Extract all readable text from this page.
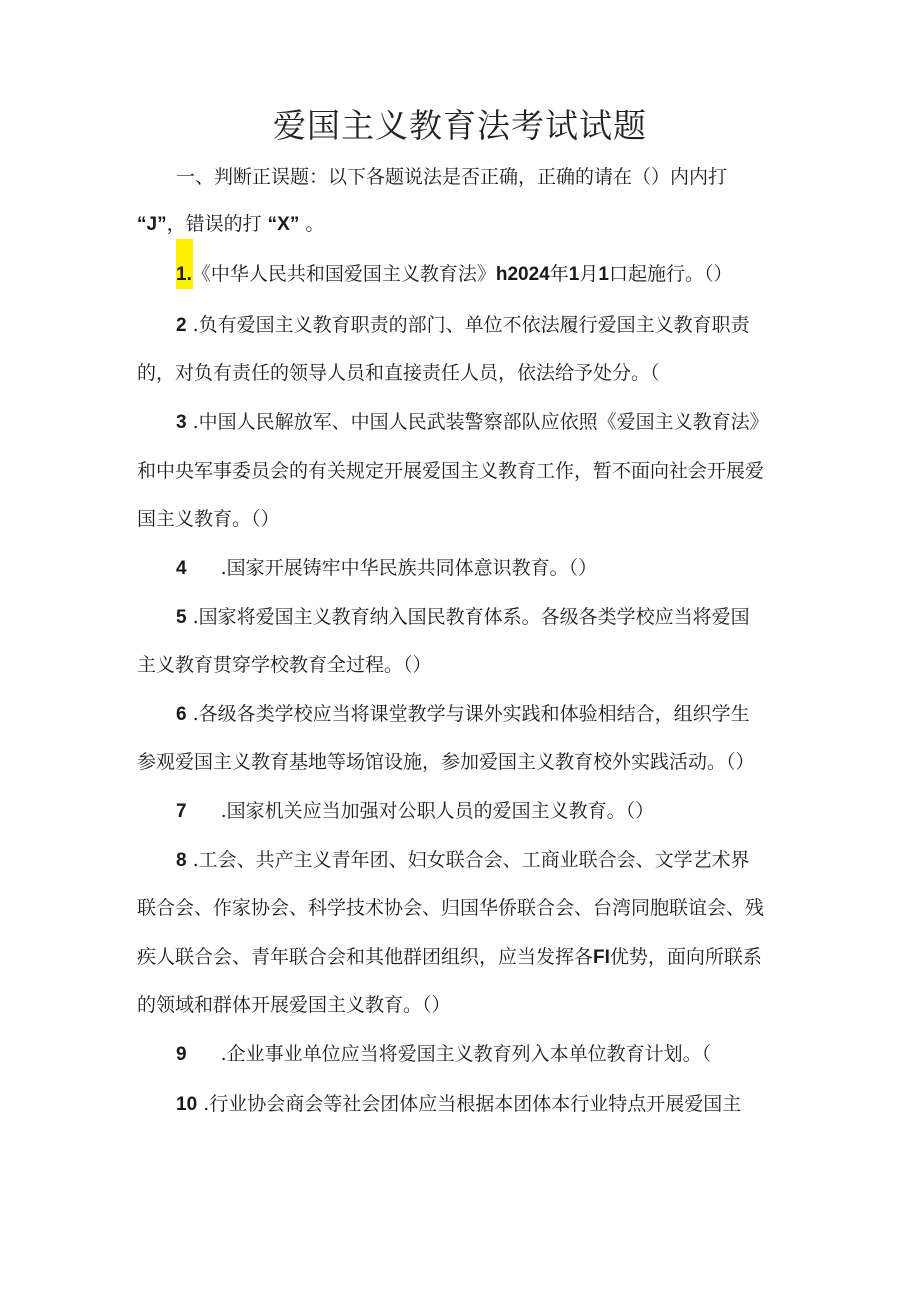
爱国主义教育法考试试题
一、判断正误题：以下各题说法是否正确，正确的请在（）内内打
“J”，错误的打 “X” 。
1.《中华人民共和国爱国主义教育法》h2024年1月1口起施行。（）
2 .负有爱国主义教育职责的部门、单位不依法履行爱国主义教育职责
的，对负有责任的领导人员和直接责任人员，依法给予处分。（
3 .中国人民解放军、中国人民武装警察部队应依照《爱国主义教育法》
和中央军事委员会的有关规定开展爱国主义教育工作，暂不面向社会开展爱
国主义教育。（）
4 .国家开展铸牢中华民族共同体意识教育。（）
5 .国家将爱国主义教育纳入国民教育体系。各级各类学校应当将爱国
主义教育贯穿学校教育全过程。（）
6 .各级各类学校应当将课堂教学与课外实践和体验相结合，组织学生
参观爱国主义教育基地等场馆设施，参加爱国主义教育校外实践活动。（）
7 .国家机关应当加强对公职人员的爱国主义教育。（）
8 .工会、共产主义青年团、妇女联合会、工商业联合会、文学艺术界
联合会、作家协会、科学技术协会、归国华侨联合会、台湾同胞联谊会、残
疾人联合会、青年联合会和其他群团组织，应当发挥各FI优势，面向所联系
的领域和群体开展爱国主义教育。（）
9 .企业事业单位应当将爱国主义教育列入本单位教育计划。（
10 .行业协会商会等社会团体应当根据本团体本行业特点开展爱国主
